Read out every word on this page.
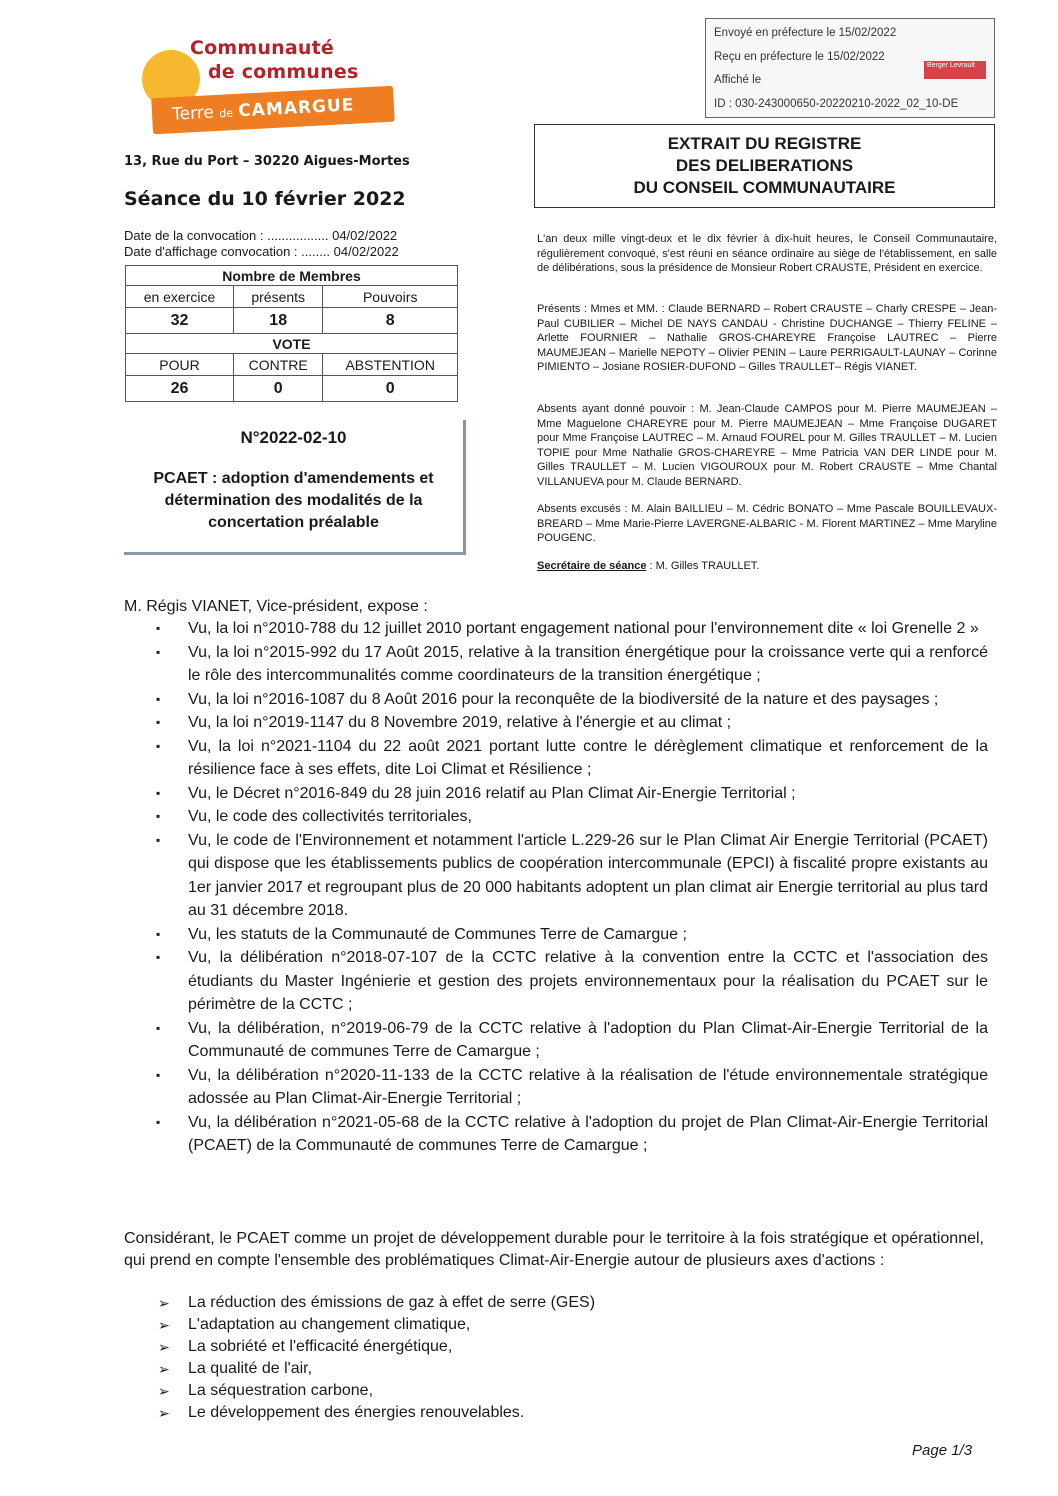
Communauté
de communes
Terre de CAMARGUE
13, Rue du Port – 30220 Aigues-Mortes
Séance du 10 février 2022
Date de la convocation : ................. 04/02/2022
Date d'affichage convocation : ........ 04/02/2022
Nombre de Membres		
en exercice	présents	Pouvoirs
32	18	8
VOTE		
POUR	CONTRE	ABSTENTION
26	0	0
N°2022-02-10
PCAET : adoption d'amendements et détermination des modalités de la concertation préalable
Envoyé en préfecture le 15/02/2022
Reçu en préfecture le 15/02/2022
Affiché le
ID : 030-243000650-20220210-2022_02_10-DE
Berger Levrault
EXTRAIT DU REGISTRE
DES DELIBERATIONS
DU CONSEIL COMMUNAUTAIRE
L'an deux mille vingt-deux et le dix février à dix-huit heures, le Conseil Communautaire, régulièrement convoqué, s'est réuni en séance ordinaire au siège de l'établissement, en salle de délibérations, sous la présidence de Monsieur Robert CRAUSTE, Président en exercice.
Présents : Mmes et MM. : Claude BERNARD – Robert CRAUSTE – Charly CRESPE – Jean-Paul CUBILIER – Michel DE NAYS CANDAU - Christine DUCHANGE – Thierry FELINE – Arlette FOURNIER – Nathalie GROS-CHAREYRE Françoise LAUTREC – Pierre MAUMEJEAN – Marielle NEPOTY – Olivier PENIN – Laure PERRIGAULT-LAUNAY – Corinne PIMIENTO – Josiane ROSIER-DUFOND – Gilles TRAULLET– Régis VIANET.
Absents ayant donné pouvoir : M. Jean-Claude CAMPOS pour M. Pierre MAUMEJEAN – Mme Maguelone CHAREYRE pour M. Pierre MAUMEJEAN – Mme Françoise DUGARET pour Mme Françoise LAUTREC – M. Arnaud FOUREL pour M. Gilles TRAULLET – M. Lucien TOPIE pour Mme Nathalie GROS-CHAREYRE – Mme Patricia VAN DER LINDE pour M. Gilles TRAULLET – M. Lucien VIGOUROUX pour M. Robert CRAUSTE – Mme Chantal VILLANUEVA pour M. Claude BERNARD.
Absents excusés : M. Alain BAILLIEU – M. Cédric BONATO – Mme Pascale BOUILLEVAUX-BREARD – Mme Marie-Pierre LAVERGNE-ALBARIC - M. Florent MARTINEZ – Mme Maryline POUGENC.
Secrétaire de séance : M. Gilles TRAULLET.
M. Régis VIANET, Vice-président, expose :
▪ Vu, la loi n°2010-788 du 12 juillet 2010 portant engagement national pour l'environnement dite « loi Grenelle 2 »
▪ Vu, la loi n°2015-992 du 17 Août 2015, relative à la transition énergétique pour la croissance verte qui a renforcé le rôle des intercommunalités comme coordinateurs de la transition énergétique ;
▪ Vu, la loi n°2016-1087 du 8 Août 2016 pour la reconquête de la biodiversité de la nature et des paysages ;
▪ Vu, la loi n°2019-1147 du 8 Novembre 2019, relative à l'énergie et au climat ;
▪ Vu, la loi n°2021-1104 du 22 août 2021 portant lutte contre le dérèglement climatique et renforcement de la résilience face à ses effets, dite Loi Climat et Résilience ;
▪ Vu, le Décret n°2016-849 du 28 juin 2016 relatif au Plan Climat Air-Energie Territorial ;
▪ Vu, le code des collectivités territoriales,
▪ Vu, le code de l'Environnement et notamment l'article L.229-26 sur le Plan Climat Air Energie Territorial (PCAET) qui dispose que les établissements publics de coopération intercommunale (EPCI) à fiscalité propre existants au 1er janvier 2017 et regroupant plus de 20 000 habitants adoptent un plan climat air Energie territorial au plus tard au 31 décembre 2018.
▪ Vu, les statuts de la Communauté de Communes Terre de Camargue ;
▪ Vu, la délibération n°2018-07-107 de la CCTC relative à la convention entre la CCTC et l'association des étudiants du Master Ingénierie et gestion des projets environnementaux pour la réalisation du PCAET sur le périmètre de la CCTC ;
▪ Vu, la délibération, n°2019-06-79 de la CCTC relative à l'adoption du Plan Climat-Air-Energie Territorial de la Communauté de communes Terre de Camargue ;
▪ Vu, la délibération n°2020-11-133 de la CCTC relative à la réalisation de l'étude environnementale stratégique adossée au Plan Climat-Air-Energie Territorial ;
▪ Vu, la délibération n°2021-05-68 de la CCTC relative à l'adoption du projet de Plan Climat-Air-Energie Territorial (PCAET) de la Communauté de communes Terre de Camargue ;
Considérant, le PCAET comme un projet de développement durable pour le territoire à la fois stratégique et opérationnel, qui prend en compte l'ensemble des problématiques Climat-Air-Energie autour de plusieurs axes d'actions :
➢ La réduction des émissions de gaz à effet de serre (GES)
➢ L'adaptation au changement climatique,
➢ La sobriété et l'efficacité énergétique,
➢ La qualité de l'air,
➢ La séquestration carbone,
➢ Le développement des énergies renouvelables.
Page 1/3
